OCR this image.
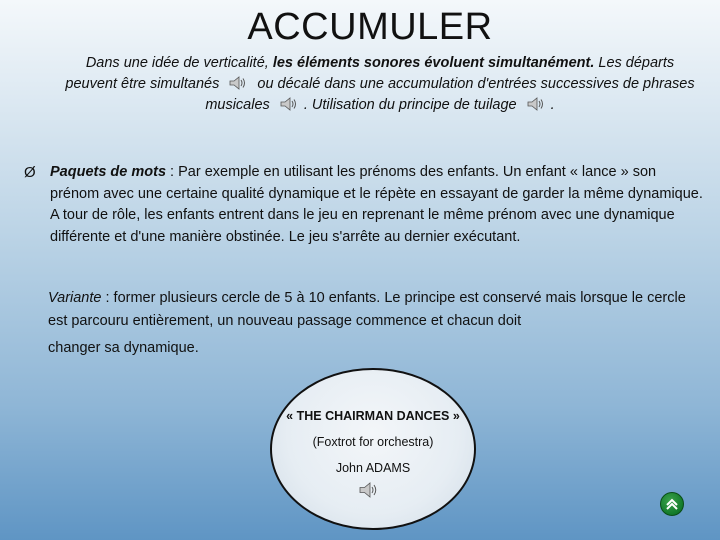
ACCUMULER
Dans une idée de verticalité, les éléments sonores évoluent simultanément. Les départs peuvent être simultanés  ou décalé dans une accumulation d'entrées successives de phrases musicales . Utilisation du principe de tuilage .
Ø Paquets de mots : Par exemple en utilisant les prénoms des enfants. Un enfant « lance » son prénom avec une certaine qualité dynamique et le répète en essayant de garder la même dynamique. A tour de rôle, les enfants entrent dans le jeu en reprenant le même prénom avec une dynamique différente et d'une manière obstinée. Le jeu s'arrête au dernier exécutant.
Variante : former plusieurs cercle de 5 à 10 enfants. Le principe est conservé mais lorsque le cercle est parcouru entièrement, un nouveau passage commence et chacun doit
changer sa dynamique.
« THE CHAIRMAN DANCES »
(Foxtrot for orchestra)
John ADAMS
